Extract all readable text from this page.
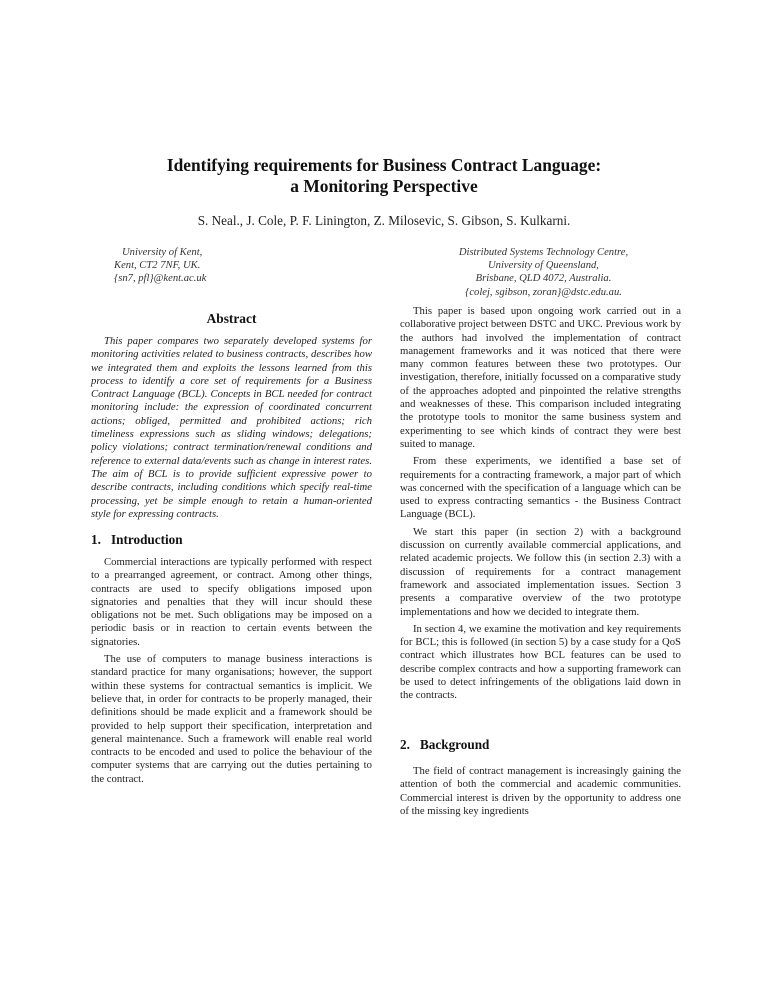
Identifying requirements for Business Contract Language:
a Monitoring Perspective
S. Neal., J. Cole, P. F. Linington, Z. Milosevic, S. Gibson, S. Kulkarni.
University of Kent,
Kent, CT2 7NF, UK.
{sn7, pfl}@kent.ac.uk
Distributed Systems Technology Centre,
University of Queensland,
Brisbane, QLD 4072, Australia.
{colej, sgibson, zoran}@dstc.edu.au.
Abstract

This paper compares two separately developed systems for monitoring activities related to business contracts, describes how we integrated them and exploits the lessons learned from this process to identify a core set of requirements for a Business Contract Language (BCL). Concepts in BCL needed for contract monitoring include: the expression of coordinated concurrent actions; obliged, permitted and prohibited actions; rich timeliness expressions such as sliding windows; delegations; policy violations; contract termination/renewal conditions and reference to external data/events such as change in interest rates. The aim of BCL is to provide sufficient expressive power to describe contracts, including conditions which specify real-time processing, yet be simple enough to retain a human-oriented style for expressing contracts.

1. Introduction

Commercial interactions are typically performed with respect to a prearranged agreement, or contract. Among other things, contracts are used to specify obligations imposed upon signatories and penalties that they will incur should these obligations not be met. Such obligations may be imposed on a periodic basis or in reaction to certain events between the signatories.

The use of computers to manage business interactions is standard practice for many organisations; however, the support within these systems for contractual semantics is implicit. We believe that, in order for contracts to be properly managed, their definitions should be made explicit and a framework should be provided to help support their specification, interpretation and general maintenance. Such a framework will enable real world contracts to be encoded and used to police the behaviour of the computer systems that are carrying out the duties pertaining to the contract.

This paper is based upon ongoing work carried out in a collaborative project between DSTC and UKC. Previous work by the authors had involved the implementation of contract management frameworks and it was noticed that there were many common features between these two prototypes. Our investigation, therefore, initially focussed on a comparative study of the approaches adopted and pinpointed the relative strengths and weaknesses of these. This comparison included integrating the prototype tools to monitor the same business system and experimenting to see which kinds of contract they were best suited to manage.

From these experiments, we identified a base set of requirements for a contracting framework, a major part of which was concerned with the specification of a language which can be used to express contracting semantics - the Business Contract Language (BCL).

We start this paper (in section 2) with a background discussion on currently available commercial applications, and related academic projects. We follow this (in section 2.3) with a discussion of requirements for a contract management framework and associated implementation issues. Section 3 presents a comparative overview of the two prototype implementations and how we decided to integrate them.

In section 4, we examine the motivation and key requirements for BCL; this is followed (in section 5) by a case study for a QoS contract which illustrates how BCL features can be used to describe complex contracts and how a supporting framework can be used to detect infringements of the obligations laid down in the contracts.

2. Background

The field of contract management is increasingly gaining the attention of both the commercial and academic communities. Commercial interest is driven by the opportunity to address one of the missing key ingredients
